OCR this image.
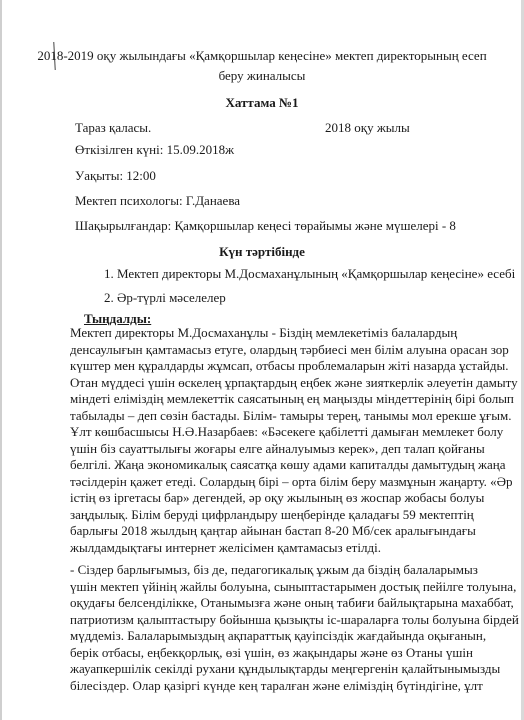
2018-2019 оқу жылындағы «Қамқоршылар кеңесіне» мектеп директорының есеп
беру жиналысы
Хаттама №1
Тараз қаласы.	2018 оқу жылы
Өткізілген күні: 15.09.2018ж
Уақыты: 12:00
Мектеп психологы: Г.Данаева
Шақырылғандар: Қамқоршылар кеңесі төрайымы және мүшелері - 8
Күн тәртібінде
1. Мектеп директоры М.Досмаханұлының «Қамқоршылар кеңесіне» есебі
2. Әр-түрлі мәселелер
Тыңдалды:
Мектеп директоры М.Досмаханұлы - Біздің мемлекетіміз балалардың
денсаулығын қамтамасыз етуге, олардың тәрбиесі мен білім алуына орасан зор
күштер мен құралдарды жұмсап, отбасы проблемаларын жіті назарда ұстайды.
Отан мүддесі үшін өскелең ұрпақтардың еңбек және зияткерлік әлеуетін дамыту
міндеті еліміздің мемлекеттік саясатының ең маңызды міндеттерінің бірі болып
табылады – деп сөзін бастады. Білім- тамыры терең, танымы мол ерекше ұғым.
Ұлт көшбасшысы Н.Ә.Назарбаев: «Бәсекеге қабілетті дамыған мемлекет болу
үшін біз сауаттылығы жоғары елге айналуымыз керек», деп талап қойғаны
белгілі. Жаңа экономикалық саясатқа көшу адами капиталды дамытудың жаңа
тәсілдерін қажет етеді. Солардың бірі – орта білім беру мазмұнын жаңарту. «Әр
істің өз іргетасы бар» дегендей, әр оқу жылының өз жоспар жобасы болуы
заңдылық. Білім беруді цифрландыру шеңберінде қаладағы 59 мектептің
барлығы 2018 жылдың қаңтар айынан бастап 8-20 Мб/сек аралығындағы
жылдамдықтағы интернет желісімен қамтамасыз етілді.
- Сіздер барлығымыз, біз де, педагогикалық ұжым да біздің балаларымыз
үшін мектеп үйінің жайлы болуына, сыныптастарымен достық пейілге толуына,
оқудағы белсенділікке, Отанымызға және оның табиғи байлықтарына махаббат,
патриотизм қалыптастыру бойынша қызықты іс-шараларға толы болуына бірдей
мүддеміз. Балаларымыздың ақпараттық қауіпсіздік жағдайында оқығанын,
берік отбасы, еңбекқорлық, өзі үшін, өз жақындары және өз Отаны үшін
жауапкершілік секілді рухани құндылықтарды меңгергенін қалайтынымызды
білесіздер. Олар қазіргі күнде кең таралған және еліміздің бүтіндігіне, ұлт
